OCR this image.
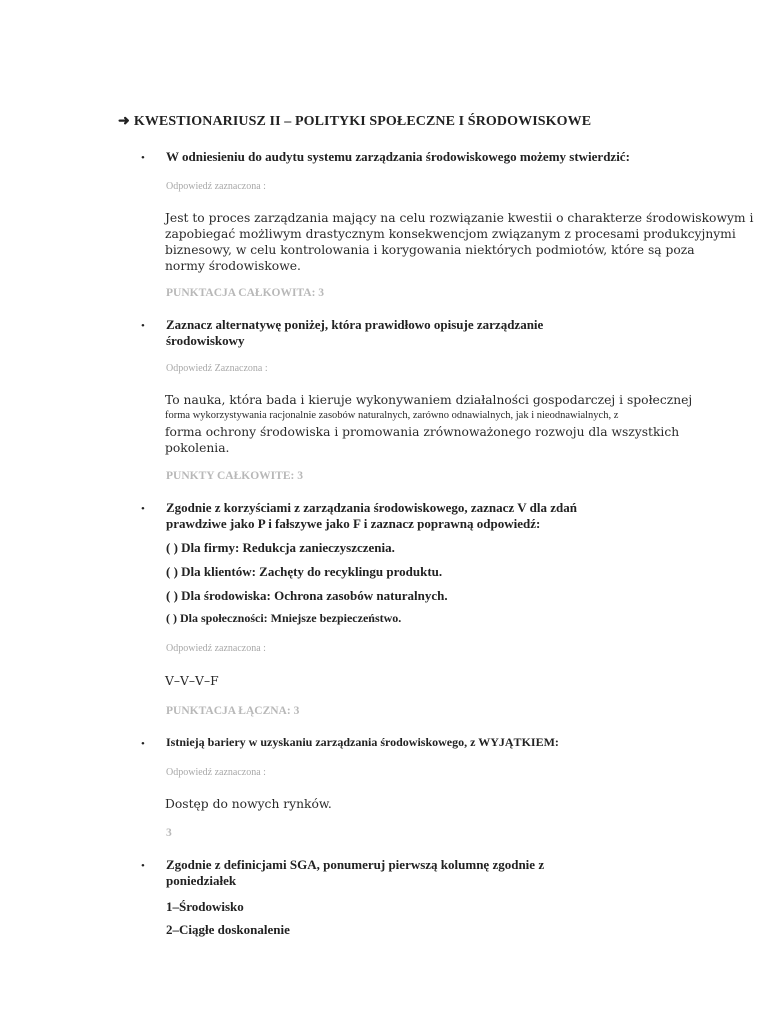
➜ KWESTIONARIUSZ II – POLITYKI SPOŁECZNE I ŚRODOWISKOWE
• W odniesieniu do audytu systemu zarządzania środowiskowego możemy stwierdzić:
Odpowiedź zaznaczona :
Jest to proces zarządzania mający na celu rozwiązanie kwestii o charakterze środowiskowym i
zapobiegać możliwym drastycznym konsekwencjom związanym z procesami produkcyjnymi
biznesowy, w celu kontrolowania i korygowania niektórych podmiotów, które są poza
normy środowiskowe.
PUNKTACJA CAŁKOWITA: 3
• Zaznacz alternatywę poniżej, która prawidłowo opisuje zarządzanie
środowiskowy
Odpowiedź Zaznaczona :
To nauka, która bada i kieruje wykonywaniem działalności gospodarczej i społecznej
forma wykorzystywania racjonalnie zasobów naturalnych, zarówno odnawialnych, jak i nieodnawialnych, z
forma ochrony środowiska i promowania zrównoważonego rozwoju dla wszystkich
pokolenia.
PUNKTY CAŁKOWITE: 3
• Zgodnie z korzyściami z zarządzania środowiskowego, zaznacz V dla zdań
prawdziwe jako P i fałszywe jako F i zaznacz poprawną odpowiedź:
( ) Dla firmy: Redukcja zanieczyszczenia.
( ) Dla klientów: Zachęty do recyklingu produktu.
( ) Dla środowiska: Ochrona zasobów naturalnych.
( ) Dla społeczności: Mniejsze bezpieczeństwo.
Odpowiedź zaznaczona :
V–V–V–F
PUNKTACJA ŁĄCZNA: 3
• Istnieją bariery w uzyskaniu zarządzania środowiskowego, z WYJĄTKIEM:
Odpowiedź zaznaczona :
Dostęp do nowych rynków.
3
• Zgodnie z definicjami SGA, ponumeruj pierwszą kolumnę zgodnie z
poniedziałek
1–Środowisko
2–Ciągłe doskonalenie
